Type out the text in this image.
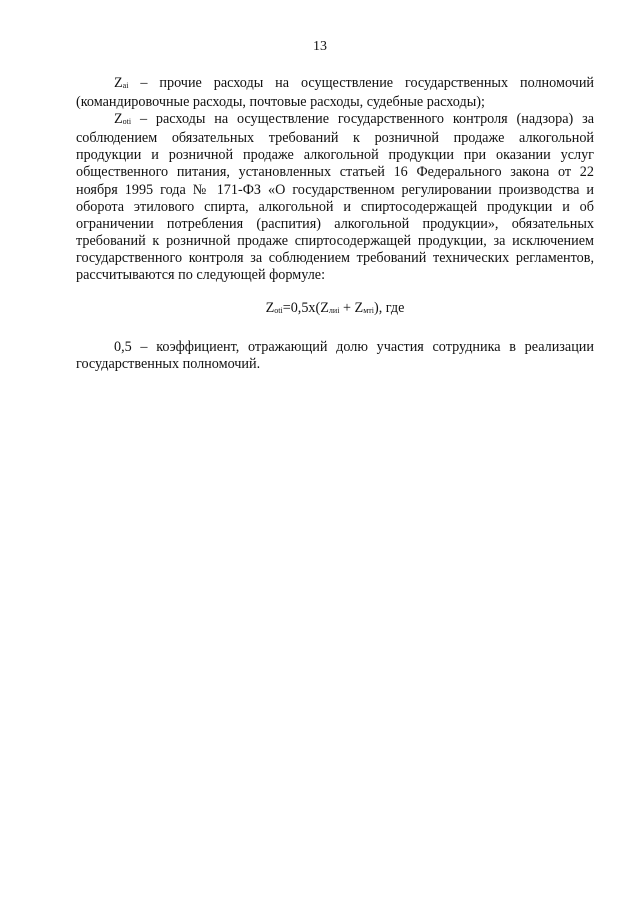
13

Zai – прочие расходы на осуществление государственных полномочий (командировочные расходы, почтовые расходы, судебные расходы);

Zoti – расходы на осуществление государственного контроля (надзора) за соблюдением обязательных требований к розничной продаже алкогольной продукции и розничной продаже алкогольной продукции при оказании услуг общественного питания, установленных статьей 16 Федерального закона от 22 ноября 1995 года № 171-ФЗ «О государственном регулировании производства и оборота этилового спирта, алкогольной и спиртосодержащей продукции и об ограничении потребления (распития) алкогольной продукции», обязательных требований к розничной продаже спиртосодержащей продукции, за исключением государственного контроля за соблюдением требований технических регламентов, рассчитываются по следующей формуле:

Zoti=0,5х(Zлиi + Zмтi), где

0,5 – коэффициент, отражающий долю участия сотрудника в реализации государственных полномочий.
